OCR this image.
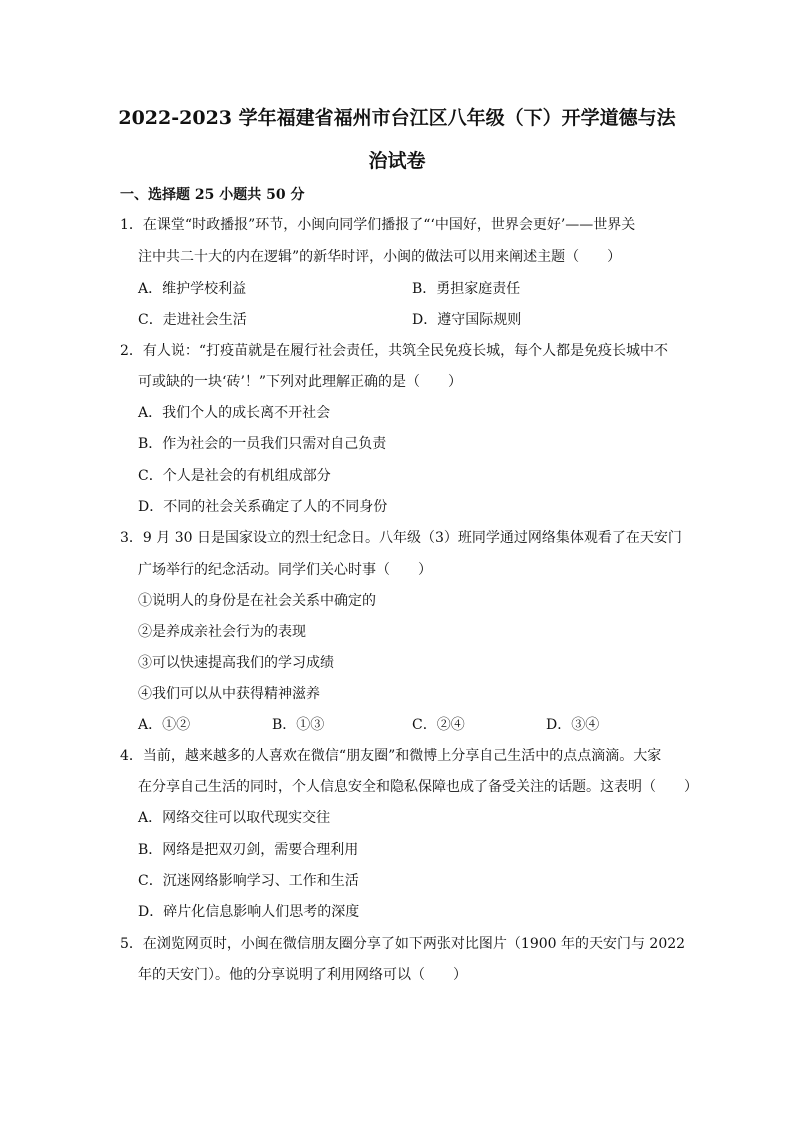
2022-2023 学年福建省福州市台江区八年级（下）开学道德与法
治试卷
一、选择题 25 小题共 50 分
1．在课堂“时政播报”环节，小闽向同学们播报了“‘中国好，世界会更好’——世界关
注中共二十大的内在逻辑”的新华时评，小闽的做法可以用来阐述主题（　　）
A．维护学校利益	B．勇担家庭责任
C．走进社会生活	D．遵守国际规则
2．有人说：“打疫苗就是在履行社会责任，共筑全民免疫长城，每个人都是免疫长城中不
可或缺的一块‘砖’！”下列对此理解正确的是（　　）
A．我们个人的成长离不开社会
B．作为社会的一员我们只需对自己负责
C．个人是社会的有机组成部分
D．不同的社会关系确定了人的不同身份
3．9 月 30 日是国家设立的烈士纪念日。八年级（3）班同学通过网络集体观看了在天安门
广场举行的纪念活动。同学们关心时事（　　）
①说明人的身份是在社会关系中确定的
②是养成亲社会行为的表现
③可以快速提高我们的学习成绩
④我们可以从中获得精神滋养
A．①②	B．①③	C．②④	D．③④
4．当前，越来越多的人喜欢在微信“朋友圈”和微博上分享自己生活中的点点滴滴。大家
在分享自己生活的同时，个人信息安全和隐私保障也成了备受关注的话题。这表明（　　）
A．网络交往可以取代现实交往
B．网络是把双刃剑，需要合理利用
C．沉迷网络影响学习、工作和生活
D．碎片化信息影响人们思考的深度
5．在浏览网页时，小闽在微信朋友圈分享了如下两张对比图片（1900 年的天安门与 2022
年的天安门）。他的分享说明了利用网络可以（　　）
